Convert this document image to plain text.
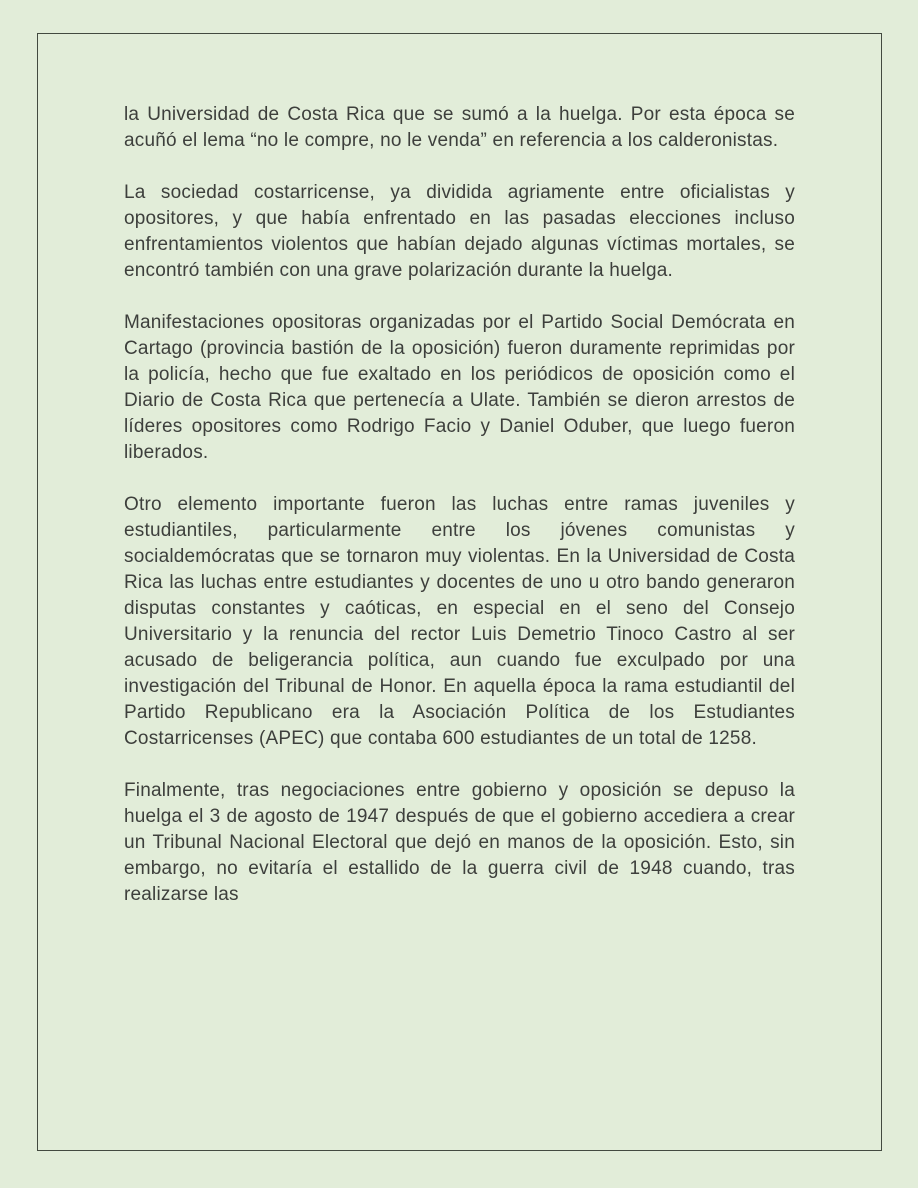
la Universidad de Costa Rica que se sumó a la huelga. Por esta época se acuñó el lema “no le compre, no le venda” en referencia a los calderonistas.

La sociedad costarricense, ya dividida agriamente entre oficialistas y opositores, y que había enfrentado en las pasadas elecciones incluso enfrentamientos violentos que habían dejado algunas víctimas mortales, se encontró también con una grave polarización durante la huelga.

Manifestaciones opositoras organizadas por el Partido Social Demócrata en Cartago (provincia bastión de la oposición) fueron duramente reprimidas por la policía, hecho que fue exaltado en los periódicos de oposición como el Diario de Costa Rica que pertenecía a Ulate. También se dieron arrestos de líderes opositores como Rodrigo Facio y Daniel Oduber, que luego fueron liberados.

Otro elemento importante fueron las luchas entre ramas juveniles y estudiantiles, particularmente entre los jóvenes comunistas y socialdemócratas que se tornaron muy violentas. En la Universidad de Costa Rica las luchas entre estudiantes y docentes de uno u otro bando generaron disputas constantes y caóticas, en especial en el seno del Consejo Universitario y la renuncia del rector Luis Demetrio Tinoco Castro al ser acusado de beligerancia política, aun cuando fue exculpado por una investigación del Tribunal de Honor. En aquella época la rama estudiantil del Partido Republicano era la Asociación Política de los Estudiantes Costarricenses (APEC) que contaba 600 estudiantes de un total de 1258.

Finalmente, tras negociaciones entre gobierno y oposición se depuso la huelga el 3 de agosto de 1947 después de que el gobierno accediera a crear un Tribunal Nacional Electoral que dejó en manos de la oposición. Esto, sin embargo, no evitaría el estallido de la guerra civil de 1948 cuando, tras realizarse las
